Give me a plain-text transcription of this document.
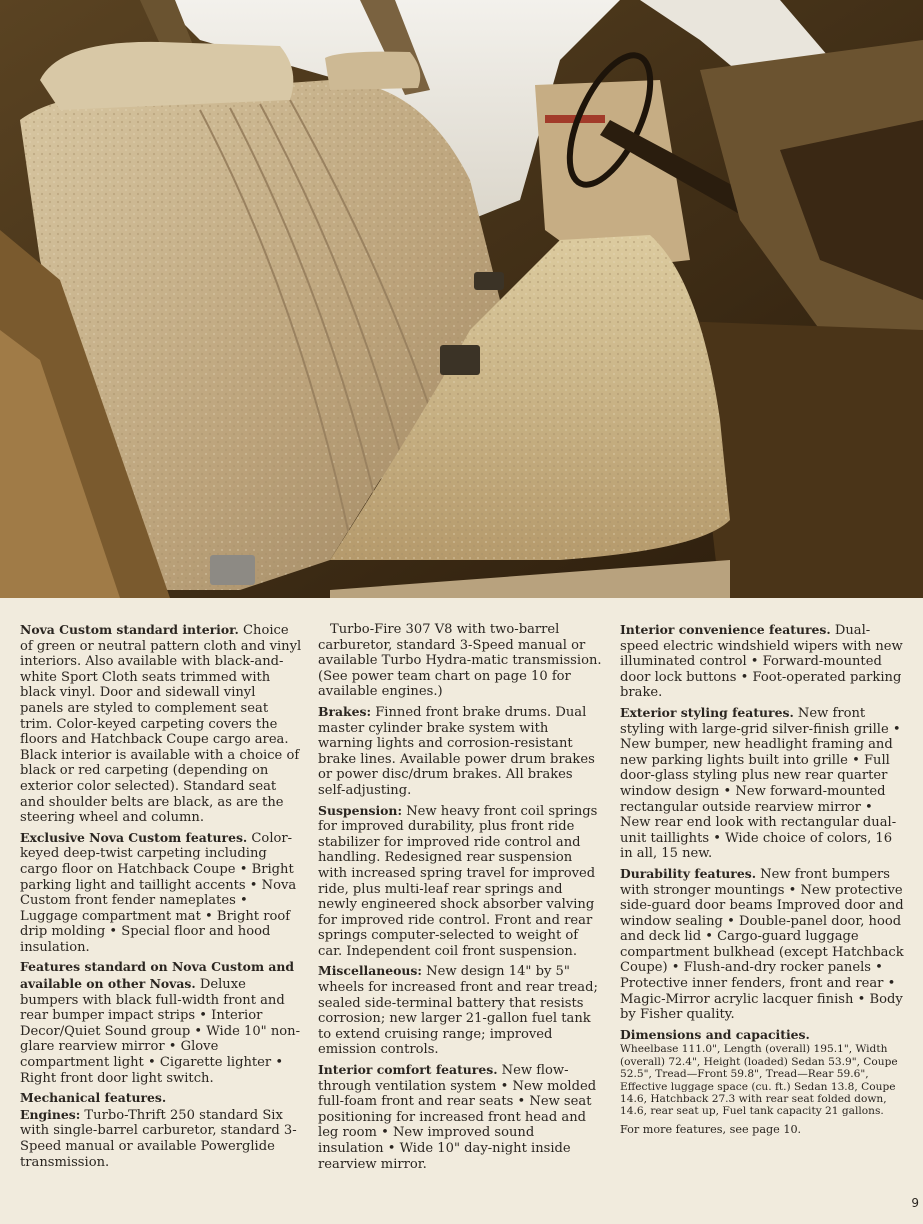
Nova Custom standard interior. Choice of green or neutral pattern cloth and vinyl interiors. Also available with black-and-white Sport Cloth seats trimmed with black vinyl. Door and sidewall vinyl panels are styled to complement seat trim. Color-keyed carpeting covers the floors and Hatchback Coupe cargo area. Black interior is available with a choice of black or red carpeting (depending on exterior color selected). Standard seat and shoulder belts are black, as are the steering wheel and column.

Exclusive Nova Custom features. Color-keyed deep-twist carpeting including cargo floor on Hatchback Coupe • Bright parking light and taillight accents • Nova Custom front fender nameplates • Luggage compartment mat • Bright roof drip molding • Special floor and hood insulation.

Features standard on Nova Custom and available on other Novas. Deluxe bumpers with black full-width front and rear bumper impact strips • Interior Decor/Quiet Sound group • Wide 10" non-glare rearview mirror • Glove compartment light • Cigarette lighter • Right front door light switch.

Mechanical features.

Engines: Turbo-Thrift 250 standard Six with single-barrel carburetor, standard 3-Speed manual or available Powerglide transmission.

Turbo-Fire 307 V8 with two-barrel carburetor, standard 3-Speed manual or available Turbo Hydra-matic transmission. (See power team chart on page 10 for available engines.)

Brakes: Finned front brake drums. Dual master cylinder brake system with warning lights and corrosion-resistant brake lines. Available power drum brakes or power disc/drum brakes. All brakes self-adjusting.

Suspension: New heavy front coil springs for improved durability, plus front ride stabilizer for improved ride control and handling. Redesigned rear suspension with increased spring travel for improved ride, plus multi-leaf rear springs and newly engineered shock absorber valving for improved ride control. Front and rear springs computer-selected to weight of car. Independent coil front suspension.

Miscellaneous: New design 14" by 5" wheels for increased front and rear tread; sealed side-terminal battery that resists corrosion; new larger 21-gallon fuel tank to extend cruising range; improved emission controls.

Interior comfort features. New flow-through ventilation system • New molded full-foam front and rear seats • New seat positioning for increased front head and leg room • New improved sound insulation • Wide 10" day-night inside rearview mirror.

Interior convenience features. Dual-speed electric windshield wipers with new illuminated control • Forward-mounted door lock buttons • Foot-operated parking brake.

Exterior styling features. New front styling with large-grid silver-finish grille • New bumper, new headlight framing and new parking lights built into grille • Full door-glass styling plus new rear quarter window design • New forward-mounted rectangular outside rearview mirror • New rear end look with rectangular dual-unit taillights • Wide choice of colors, 16 in all, 15 new.

Durability features. New front bumpers with stronger mountings • New protective side-guard door beams Improved door and window sealing • Double-panel door, hood and deck lid • Cargo-guard luggage compartment bulkhead (except Hatchback Coupe) • Flush-and-dry rocker panels • Protective inner fenders, front and rear • Magic-Mirror acrylic lacquer finish • Body by Fisher quality.

Dimensions and capacities.

Wheelbase 111.0", Length (overall) 195.1", Width (overall) 72.4", Height (loaded) Sedan 53.9", Coupe 52.5", Tread—Front 59.8", Tread—Rear 59.6", Effective luggage space (cu. ft.) Sedan 13.8, Coupe 14.6, Hatchback 27.3 with rear seat folded down, 14.6, rear seat up, Fuel tank capacity 21 gallons.

For more features, see page 10.

9
